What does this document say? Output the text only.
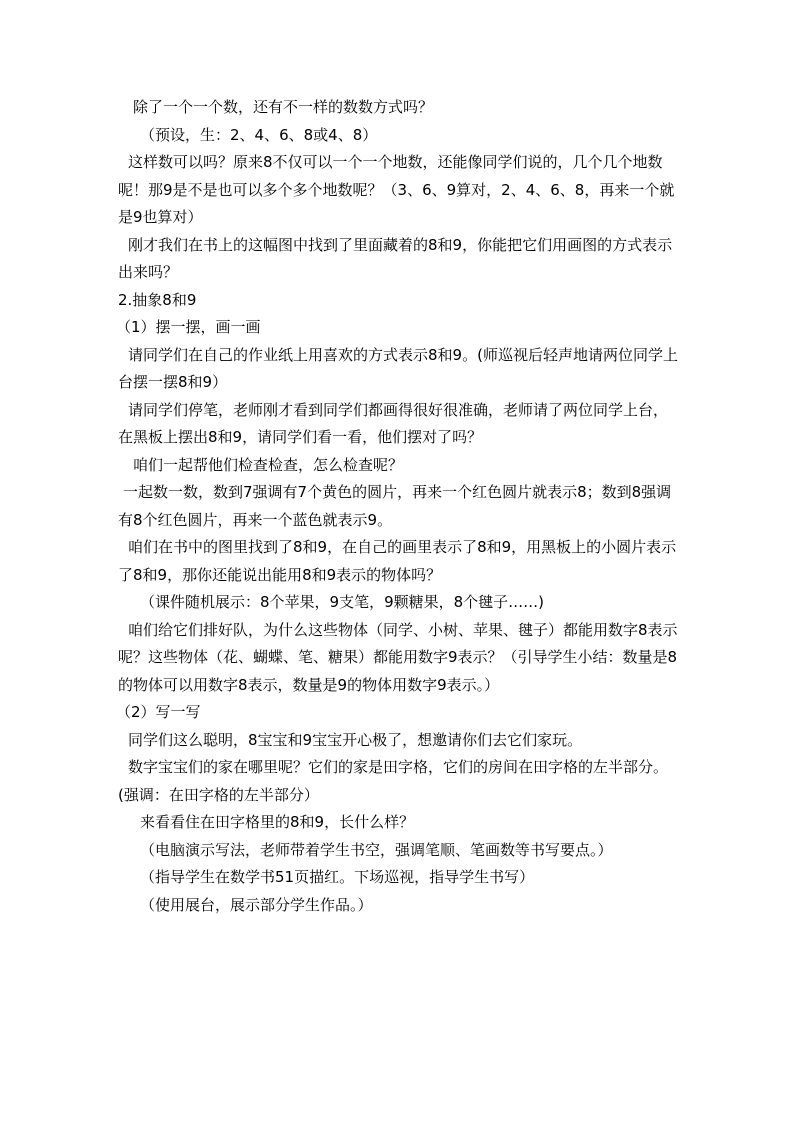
除了一个一个数，还有不一样的数数方式吗？

（预设，生：2、4、6、8或4、8）

这样数可以吗？原来8不仅可以一个一个地数，还能像同学们说的，几个几个地数呢！那9是不是也可以多个多个地数呢？（3、6、9算对，2、4、6、8，再来一个就是9也算对）

刚才我们在书上的这幅图中找到了里面藏着的8和9，你能把它们用画图的方式表示出来吗？

2.抽象8和9

（1）摆一摆，画一画

请同学们在自己的作业纸上用喜欢的方式表示8和9。(师巡视后轻声地请两位同学上台摆一摆8和9）

请同学们停笔，老师刚才看到同学们都画得很好很准确，老师请了两位同学上台，在黑板上摆出8和9，请同学们看一看，他们摆对了吗？

咱们一起帮他们检查检查，怎么检查呢？

一起数一数，数到7强调有7个黄色的圆片，再来一个红色圆片就表示8；数到8强调有8个红色圆片，再来一个蓝色就表示9。

咱们在书中的图里找到了8和9，在自己的画里表示了8和9，用黑板上的小圆片表示了8和9，那你还能说出能用8和9表示的物体吗？

（课件随机展示：8个苹果，9支笔，9颗糖果，8个毽子……)

咱们给它们排好队，为什么这些物体（同学、小树、苹果、毽子）都能用数字8表示呢？这些物体（花、蝴蝶、笔、糖果）都能用数字9表示？（引导学生小结：数量是8的物体可以用数字8表示，数量是9的物体用数字9表示。）

（2）写一写

同学们这么聪明，8宝宝和9宝宝开心极了，想邀请你们去它们家玩。

数字宝宝们的家在哪里呢？它们的家是田字格，它们的房间在田字格的左半部分。(强调：在田字格的左半部分）

来看看住在田字格里的8和9，长什么样？

（电脑演示写法，老师带着学生书空，强调笔顺、笔画数等书写要点。）

（指导学生在数学书51页描红。下场巡视，指导学生书写）

（使用展台，展示部分学生作品。）
